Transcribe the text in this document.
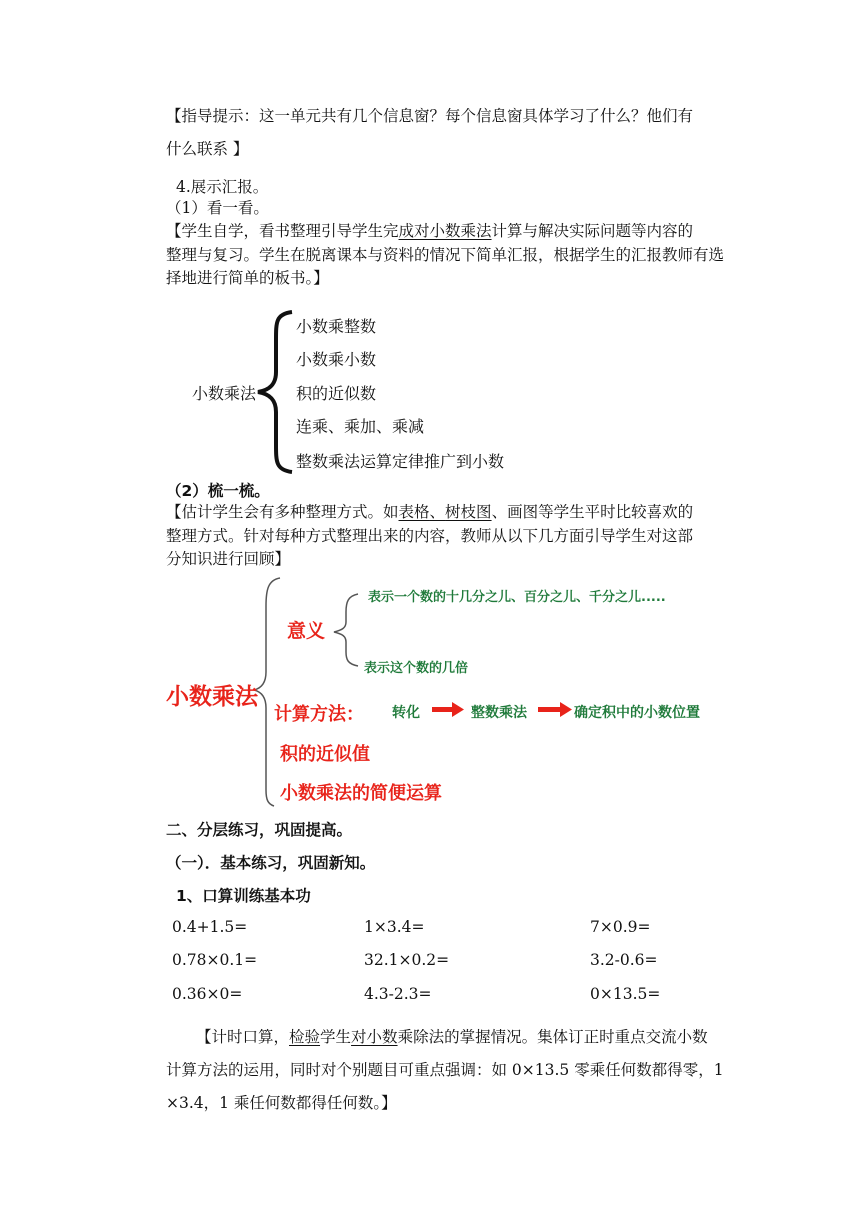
【指导提示：这一单元共有几个信息窗？每个信息窗具体学习了什么？他们有
什么联系 】
4.展示汇报。
（1）看一看。
【学生自学，看书整理引导学生完成对小数乘法计算与解决实际问题等内容的
整理与复习。学生在脱离课本与资料的情况下简单汇报，根据学生的汇报教师有选
择地进行简单的板书。】
小数乘法
小数乘整数
小数乘小数
积的近似数
连乘、乘加、乘减
整数乘法运算定律推广到小数
（2）梳一梳。
【估计学生会有多种整理方式。如表格、树枝图、画图等学生平时比较喜欢的
整理方式。针对每种方式整理出来的内容，教师从以下几方面引导学生对这部
分知识进行回顾】
小数乘法
意义
表示一个数的十几分之儿、百分之儿、千分之儿.....
表示这个数的几倍
计算方法： 转化	整数乘法	确定积中的小数位置
积的近似值
小数乘法的简便运算
二、分层练习，巩固提高。
（一）．基本练习，巩固新知。
1、口算训练基本功
0.4+1.5=	1×3.4=	7×0.9=
0.78×0.1=	32.1×0.2=	3.2-0.6=
0.36×0=	4.3-2.3=	0×13.5=
【计时口算，检验学生对小数乘除法的掌握情况。集体订正时重点交流小数
计算方法的运用，同时对个别题目可重点强调：如 0×13.5 零乘任何数都得零，1
×3.4，1 乘任何数都得任何数。】
